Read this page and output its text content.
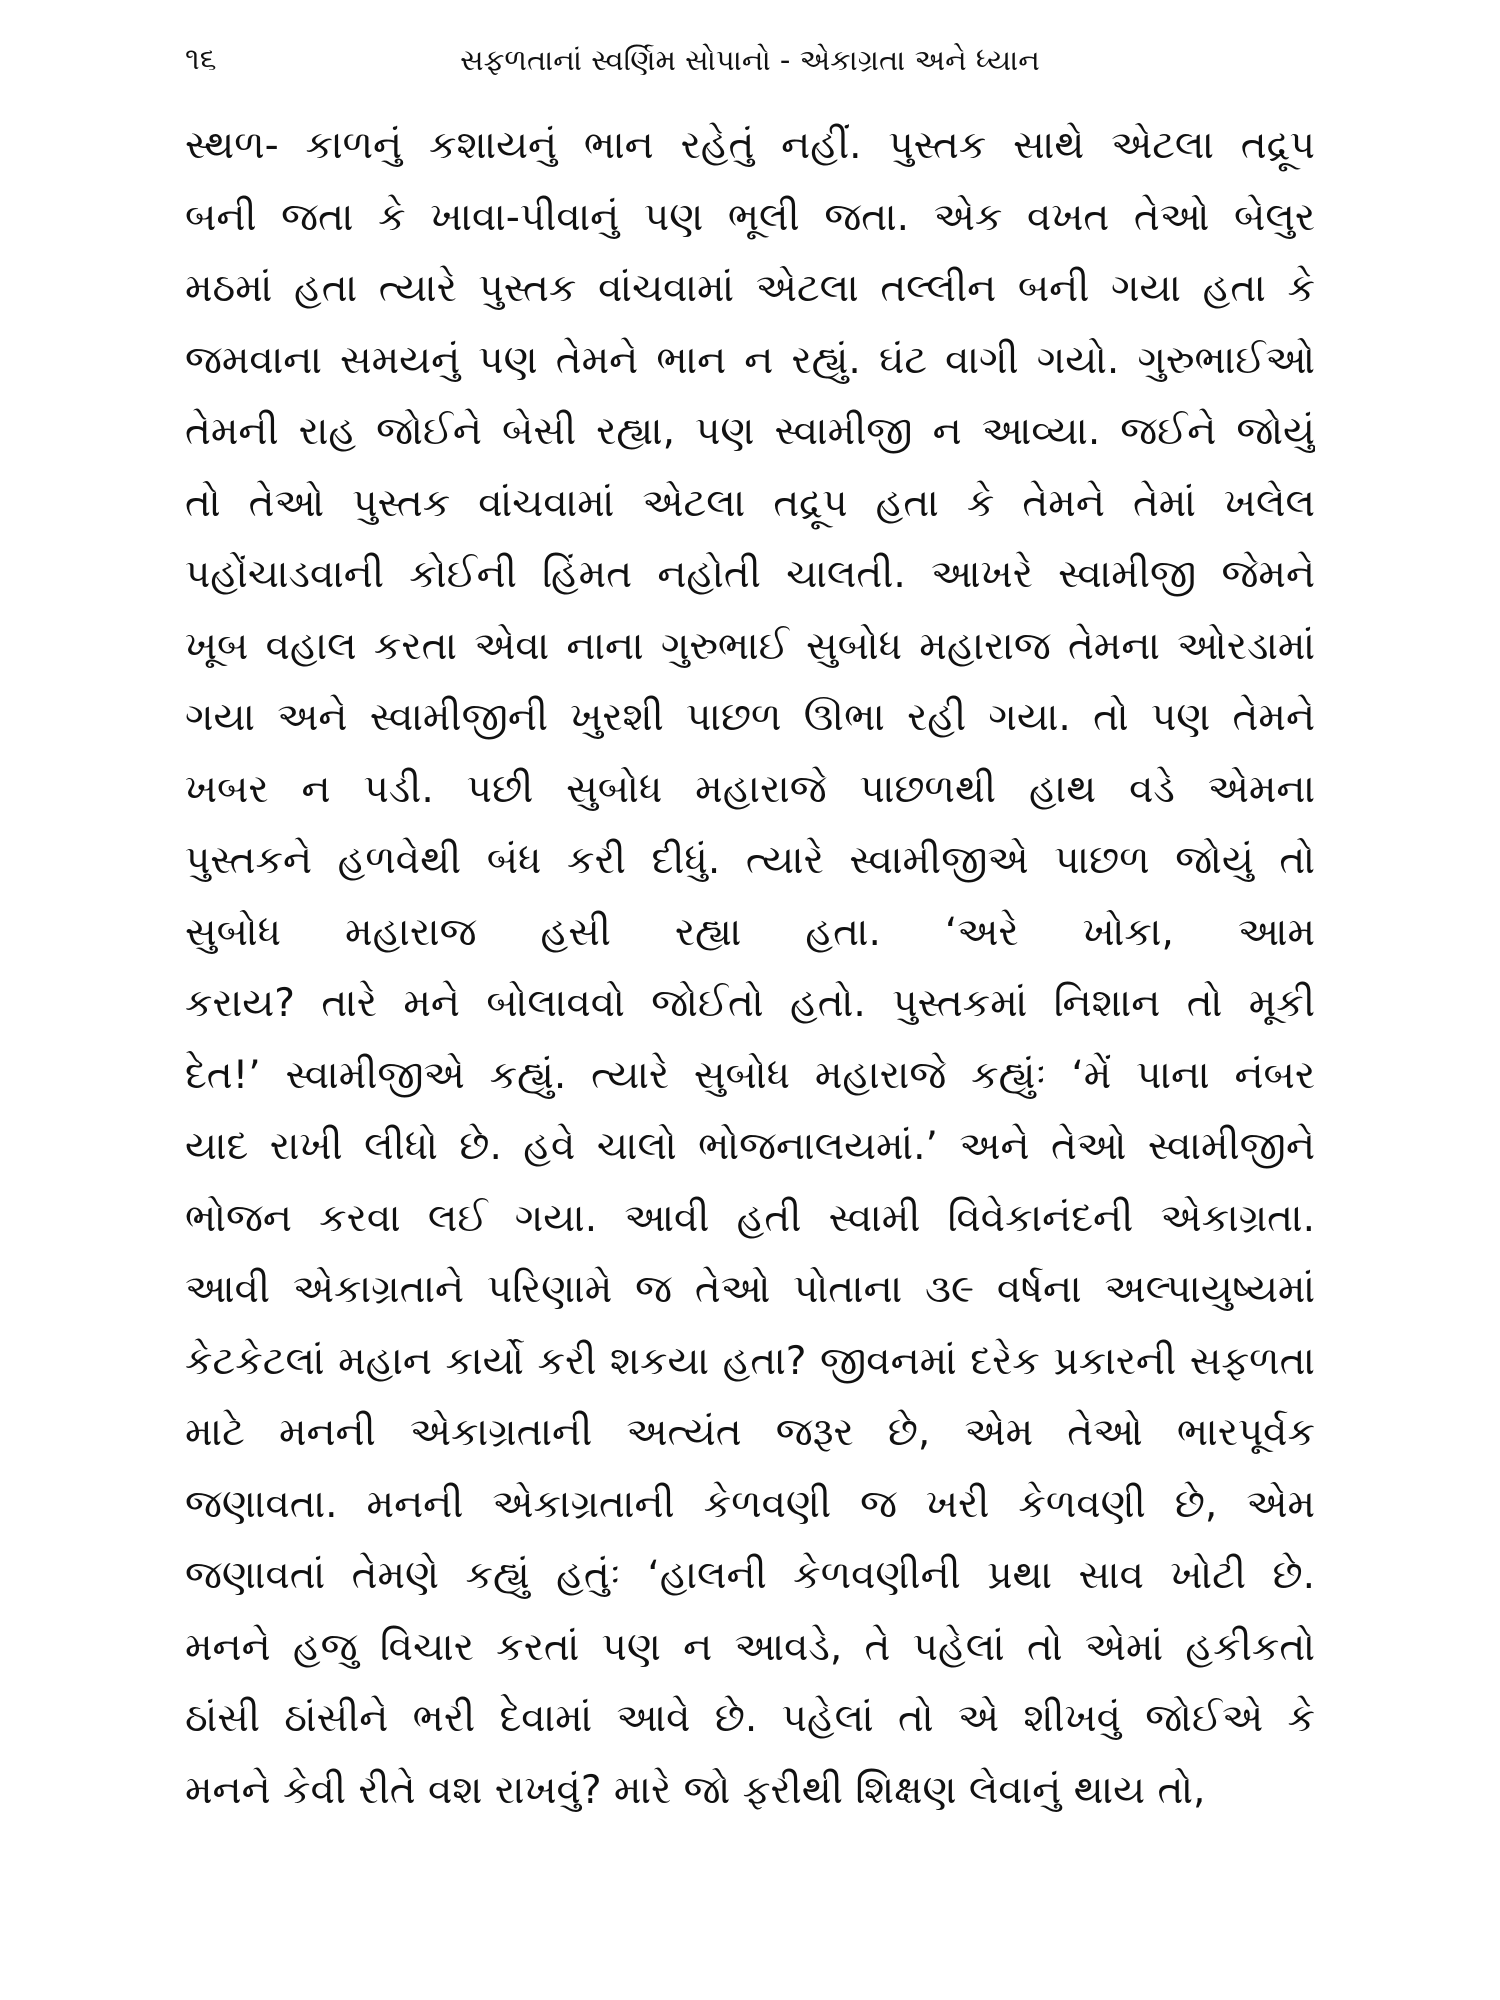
૧૬	સફળતાનાં સ્વર્ણિમ સોપાનો - એકાગ્રતા અને ધ્યાન
સ્થળ- કાળનું કશાયનું ભાન રહેતું નહીં. પુસ્તક સાથે એટલા તદ્રૂપ
બની જતા કે ખાવા-પીવાનું પણ ભૂલી જતા. એક વખત તેઓ બેલુર
મઠમાં હતા ત્યારે પુસ્તક વાંચવામાં એટલા તલ્લીન બની ગયા હતા કે
જમવાના સમયનું પણ તેમને ભાન ન રહ્યું. ઘંટ વાગી ગયો. ગુરુભાઈઓ
તેમની રાહ જોઈને બેસી રહ્યા, પણ સ્વામીજી ન આવ્યા. જઈને જોયું
તો તેઓ પુસ્તક વાંચવામાં એટલા તદ્રૂપ હતા કે તેમને તેમાં ખલેલ
પહોંચાડવાની કોઈની હિંમત નહોતી ચાલતી. આખરે સ્વામીજી જેમને
ખૂબ વહાલ કરતા એવા નાના ગુરુભાઈ સુબોધ મહારાજ તેમના ઓરડામાં
ગયા અને સ્વામીજીની ખુરશી પાછળ ઊભા રહી ગયા. તો પણ તેમને
ખબર ન પડી. પછી સુબોધ મહારાજે પાછળથી હાથ વડે એમના
પુસ્તકને હળવેથી બંધ કરી દીધું. ત્યારે સ્વામીજીએ પાછળ જોયું તો
સુબોધ મહારાજ હસી રહ્યા હતા. ‘અરે ખોકા, આમ
કરાય? તારે મને બોલાવવો જોઈતો હતો. પુસ્તકમાં નિશાન તો મૂકી
દેત!’ સ્વામીજીએ કહ્યું. ત્યારે સુબોધ મહારાજે કહ્યુંઃ ‘મેં પાના નંબર
યાદ રાખી લીધો છે. હવે ચાલો ભોજનાલયમાં.’ અને તેઓ સ્વામીજીને
ભોજન કરવા લઈ ગયા. આવી હતી સ્વામી વિવેકાનંદની એકાગ્રતા.
આવી એકાગ્રતાને પરિણામે જ તેઓ પોતાના ૩૯ વર્ષના અલ્પાયુષ્યમાં
કેટકેટલાં મહાન કાર્યો કરી શકયા હતા? જીવનમાં દરેક પ્રકારની સફળતા
માટે મનની એકાગ્રતાની અત્યંત જરૂર છે, એમ તેઓ ભારપૂર્વક
જણાવતા. મનની એકાગ્રતાની કેળવણી જ ખરી કેળવણી છે, એમ
જણાવતાં તેમણે કહ્યું હતુંઃ ‘હાલની કેળવણીની પ્રથા સાવ ખોટી છે.
મનને હજુ વિચાર કરતાં પણ ન આવડે, તે પહેલાં તો એમાં હકીકતો
ઠાંસી ઠાંસીને ભરી દેવામાં આવે છે. પહેલાં તો એ શીખવું જોઈએ કે
મનને કેવી રીતે વશ રાખવું? મારે જો ફરીથી શિક્ષણ લેવાનું થાય તો,
